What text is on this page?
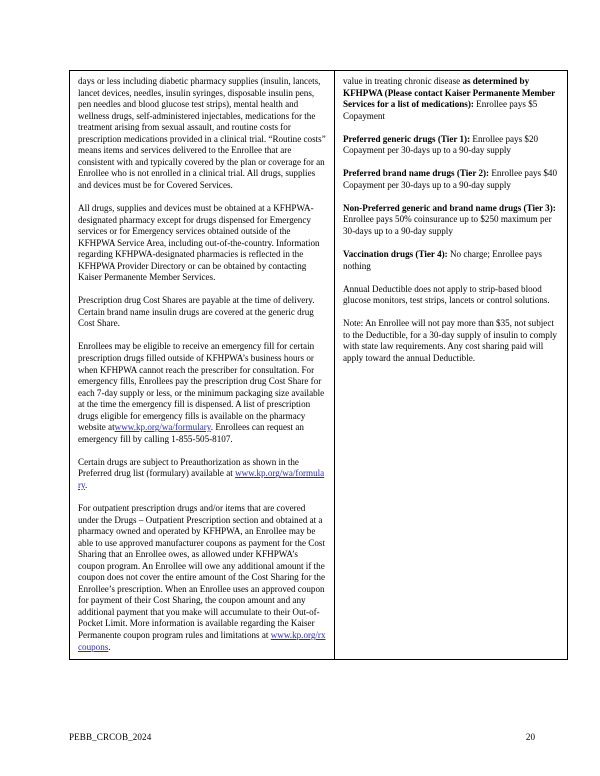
days or less including diabetic pharmacy supplies (insulin, lancets, lancet devices, needles, insulin syringes, disposable insulin pens, pen needles and blood glucose test strips), mental health and wellness drugs, self-administered injectables, medications for the treatment arising from sexual assault, and routine costs for prescription medications provided in a clinical trial. “Routine costs” means items and services delivered to the Enrollee that are consistent with and typically covered by the plan or coverage for an Enrollee who is not enrolled in a clinical trial. All drugs, supplies and devices must be for Covered Services.

All drugs, supplies and devices must be obtained at a KFHPWA-designated pharmacy except for drugs dispensed for Emergency services or for Emergency services obtained outside of the KFHPWA Service Area, including out-of-the-country. Information regarding KFHPWA-designated pharmacies is reflected in the KFHPWA Provider Directory or can be obtained by contacting Kaiser Permanente Member Services.

Prescription drug Cost Shares are payable at the time of delivery. Certain brand name insulin drugs are covered at the generic drug Cost Share.

Enrollees may be eligible to receive an emergency fill for certain prescription drugs filled outside of KFHPWA’s business hours or when KFHPWA cannot reach the prescriber for consultation. For emergency fills, Enrollees pay the prescription drug Cost Share for each 7-day supply or less, or the minimum packaging size available at the time the emergency fill is dispensed. A list of prescription drugs eligible for emergency fills is available on the pharmacy website atwww.kp.org/wa/formulary. Enrollees can request an emergency fill by calling 1-855-505-8107.

Certain drugs are subject to Preauthorization as shown in the Preferred drug list (formulary) available at www.kp.org/wa/formulary.

For outpatient prescription drugs and/or items that are covered under the Drugs – Outpatient Prescription section and obtained at a pharmacy owned and operated by KFHPWA, an Enrollee may be able to use approved manufacturer coupons as payment for the Cost Sharing that an Enrollee owes, as allowed under KFHPWA’s coupon program. An Enrollee will owe any additional amount if the coupon does not cover the entire amount of the Cost Sharing for the Enrollee’s prescription. When an Enrollee uses an approved coupon for payment of their Cost Sharing, the coupon amount and any additional payment that you make will accumulate to their Out-of-Pocket Limit. More information is available regarding the Kaiser Permanente coupon program rules and limitations at www.kp.org/rxcoupons.

value in treating chronic disease as determined by KFHPWA (Please contact Kaiser Permanente Member Services for a list of medications): Enrollee pays $5 Copayment

Preferred generic drugs (Tier 1): Enrollee pays $20 Copayment per 30-days up to a 90-day supply

Preferred brand name drugs (Tier 2): Enrollee pays $40 Copayment per 30-days up to a 90-day supply

Non-Preferred generic and brand name drugs (Tier 3): Enrollee pays 50% coinsurance up to $250 maximum per 30-days up to a 90-day supply

Vaccination drugs (Tier 4): No charge; Enrollee pays nothing

Annual Deductible does not apply to strip-based blood glucose monitors, test strips, lancets or control solutions.

Note: An Enrollee will not pay more than $35, not subject to the Deductible, for a 30-day supply of insulin to comply with state law requirements. Any cost sharing paid will apply toward the annual Deductible.

PEBB_CRCOB_2024	20
